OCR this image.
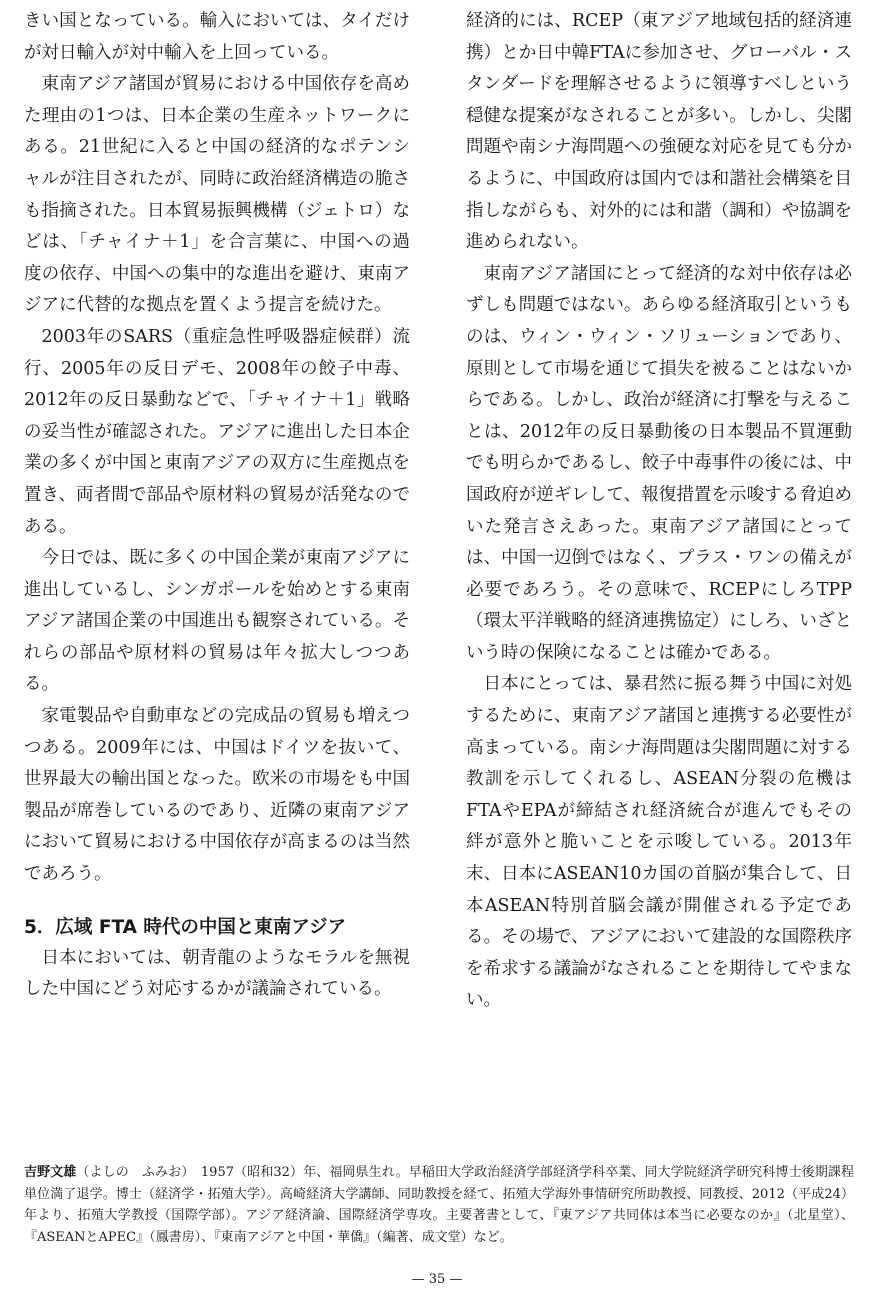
きい国となっている。輸入においては、タイだけが対日輸入が対中輸入を上回っている。

東南アジア諸国が貿易における中国依存を高めた理由の1つは、日本企業の生産ネットワークにある。21世紀に入ると中国の経済的なポテンシャルが注目されたが、同時に政治経済構造の脆さも指摘された。日本貿易振興機構（ジェトロ）などは、「チャイナ＋1」を合言葉に、中国への過度の依存、中国への集中的な進出を避け、東南アジアに代替的な拠点を置くよう提言を続けた。

2003年のSARS（重症急性呼吸器症候群）流行、2005年の反日デモ、2008年の餃子中毒、2012年の反日暴動などで、「チャイナ＋1」戦略の妥当性が確認された。アジアに進出した日本企業の多くが中国と東南アジアの双方に生産拠点を置き、両者間で部品や原材料の貿易が活発なのである。

今日では、既に多くの中国企業が東南アジアに進出しているし、シンガポールを始めとする東南アジア諸国企業の中国進出も観察されている。それらの部品や原材料の貿易は年々拡大しつつある。

家電製品や自動車などの完成品の貿易も増えつつある。2009年には、中国はドイツを抜いて、世界最大の輸出国となった。欧米の市場をも中国製品が席巻しているのであり、近隣の東南アジアにおいて貿易における中国依存が高まるのは当然であろう。

5．広域 FTA 時代の中国と東南アジア

日本においては、朝青龍のようなモラルを無視した中国にどう対応するかが議論されている。

経済的には、RCEP（東アジア地域包括的経済連携）とか日中韓FTAに参加させ、グローバル・スタンダードを理解させるように領導すべしという穏健な提案がなされることが多い。しかし、尖閣問題や南シナ海問題への強硬な対応を見ても分かるように、中国政府は国内では和諧社会構築を目指しながらも、対外的には和諧（調和）や協調を進められない。

東南アジア諸国にとって経済的な対中依存は必ずしも問題ではない。あらゆる経済取引というものは、ウィン・ウィン・ソリューションであり、原則として市場を通じて損失を被ることはないからである。しかし、政治が経済に打撃を与えることは、2012年の反日暴動後の日本製品不買運動でも明らかであるし、餃子中毒事件の後には、中国政府が逆ギレして、報復措置を示唆する脅迫めいた発言さえあった。東南アジア諸国にとっては、中国一辺倒ではなく、プラス・ワンの備えが必要であろう。その意味で、RCEPにしろTPP（環太平洋戦略的経済連携協定）にしろ、いざという時の保険になることは確かである。

日本にとっては、暴君然に振る舞う中国に対処するために、東南アジア諸国と連携する必要性が高まっている。南シナ海問題は尖閣問題に対する教訓を示してくれるし、ASEAN分裂の危機はFTAやEPAが締結され経済統合が進んでもその絆が意外と脆いことを示唆している。2013年末、日本にASEAN10カ国の首脳が集合して、日本ASEAN特別首脳会議が開催される予定である。その場で、アジアにおいて建設的な国際秩序を希求する議論がなされることを期待してやまない。

吉野文雄（よしの　ふみお）　1957（昭和32）年、福岡県生れ。早稲田大学政治経済学部経済学科卒業、同大学院経済学研究科博士後期課程単位満了退学。博士（経済学・拓殖大学）。高崎経済大学講師、同助教授を経て、拓殖大学海外事情研究所助教授、同教授、2012（平成24）年より、拓殖大学教授（国際学部）。アジア経済論、国際経済学専攻。主要著書として、『東アジア共同体は本当に必要なのか』（北星堂）、『ASEANとAPEC』（鳳書房）、『東南アジアと中国・華僑』（編著、成文堂）など。
— 35 —
